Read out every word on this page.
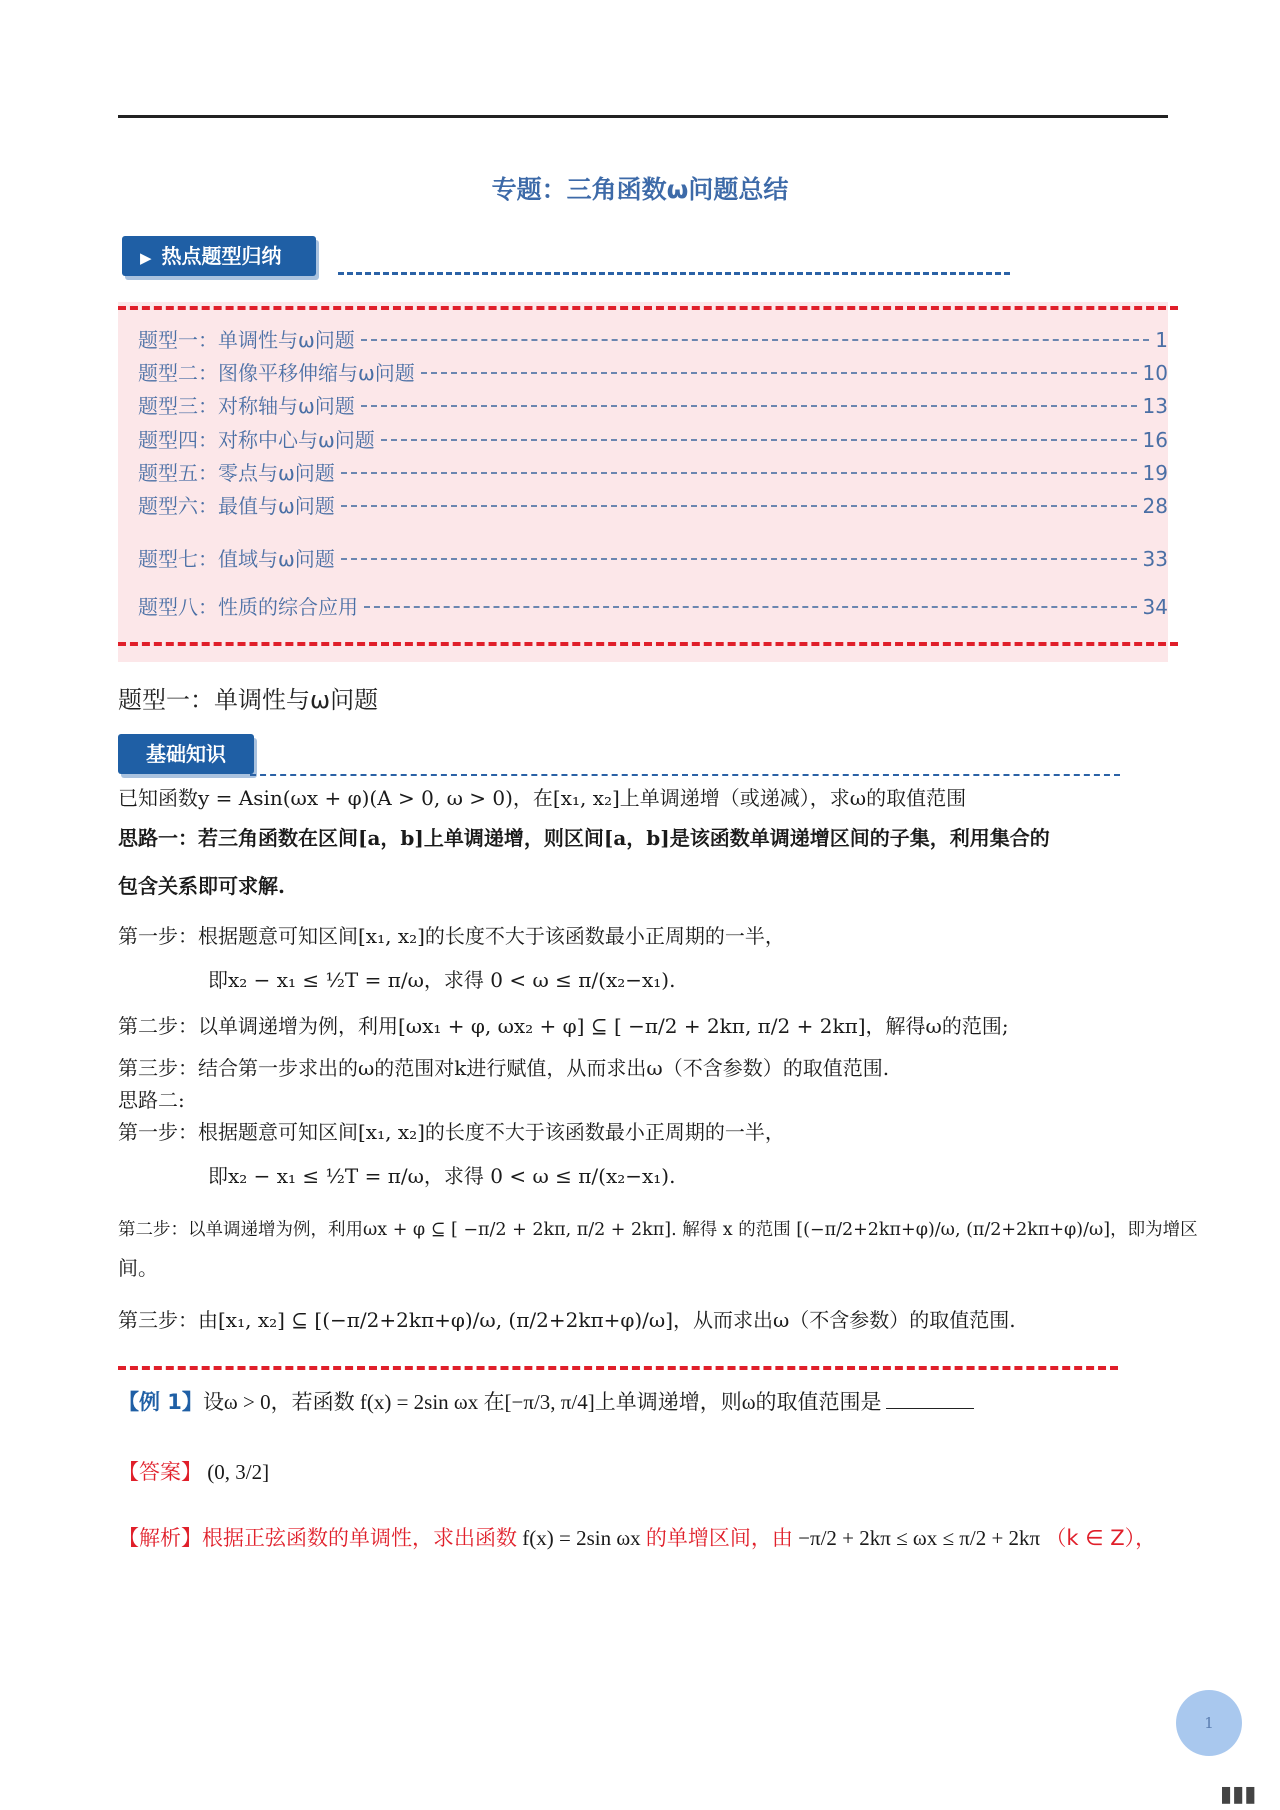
专题：三角函数ω问题总结
▶ 热点题型归纳
题型一：单调性与ω问题	1
题型二：图像平移伸缩与ω问题	10
题型三：对称轴与ω问题	13
题型四：对称中心与ω问题	16
题型五：零点与ω问题	19
题型六：最值与ω问题	28
题型七：值域与ω问题	33
题型八：性质的综合应用	34
题型一：单调性与ω问题
基础知识
已知函数y = Asin(ωx + φ)(A > 0, ω > 0)，在[x₁, x₂]上单调递增（或递减），求ω的取值范围
思路一：若三角函数在区间[a，b]上单调递增，则区间[a，b]是该函数单调递增区间的子集，利用集合的
包含关系即可求解.
第一步：根据题意可知区间[x₁, x₂]的长度不大于该函数最小正周期的一半，
即x₂ − x₁ ≤ ½T = π/ω，求得 0 < ω ≤ π/(x₂−x₁).
第二步：以单调递增为例，利用[ωx₁ + φ, ωx₂ + φ] ⊆ [ −π/2 + 2kπ, π/2 + 2kπ]，解得ω的范围;
第三步：结合第一步求出的ω的范围对k进行赋值，从而求出ω（不含参数）的取值范围.
思路二:
第一步：根据题意可知区间[x₁, x₂]的长度不大于该函数最小正周期的一半，
即x₂ − x₁ ≤ ½T = π/ω，求得 0 < ω ≤ π/(x₂−x₁).
第二步：以单调递增为例，利用ωx + φ ⊆ [ −π/2 + 2kπ, π/2 + 2kπ]. 解得 x 的范围 [(−π/2+2kπ+φ)/ω, (π/2+2kπ+φ)/ω]，即为增区
间。
第三步：由[x₁, x₂] ⊆ [(−π/2+2kπ+φ)/ω, (π/2+2kπ+φ)/ω]，从而求出ω（不含参数）的取值范围.
【例 1】设ω > 0，若函数 f(x) = 2sin ωx 在[−π/3, π/4]上单调递增，则ω的取值范围是
【答案】 (0, 3/2]
【解析】根据正弦函数的单调性，求出函数 f(x) = 2sin ωx 的单增区间，由 −π/2 + 2kπ ≤ ωx ≤ π/2 + 2kπ （k ∈ Z），
1
▮▮▮
